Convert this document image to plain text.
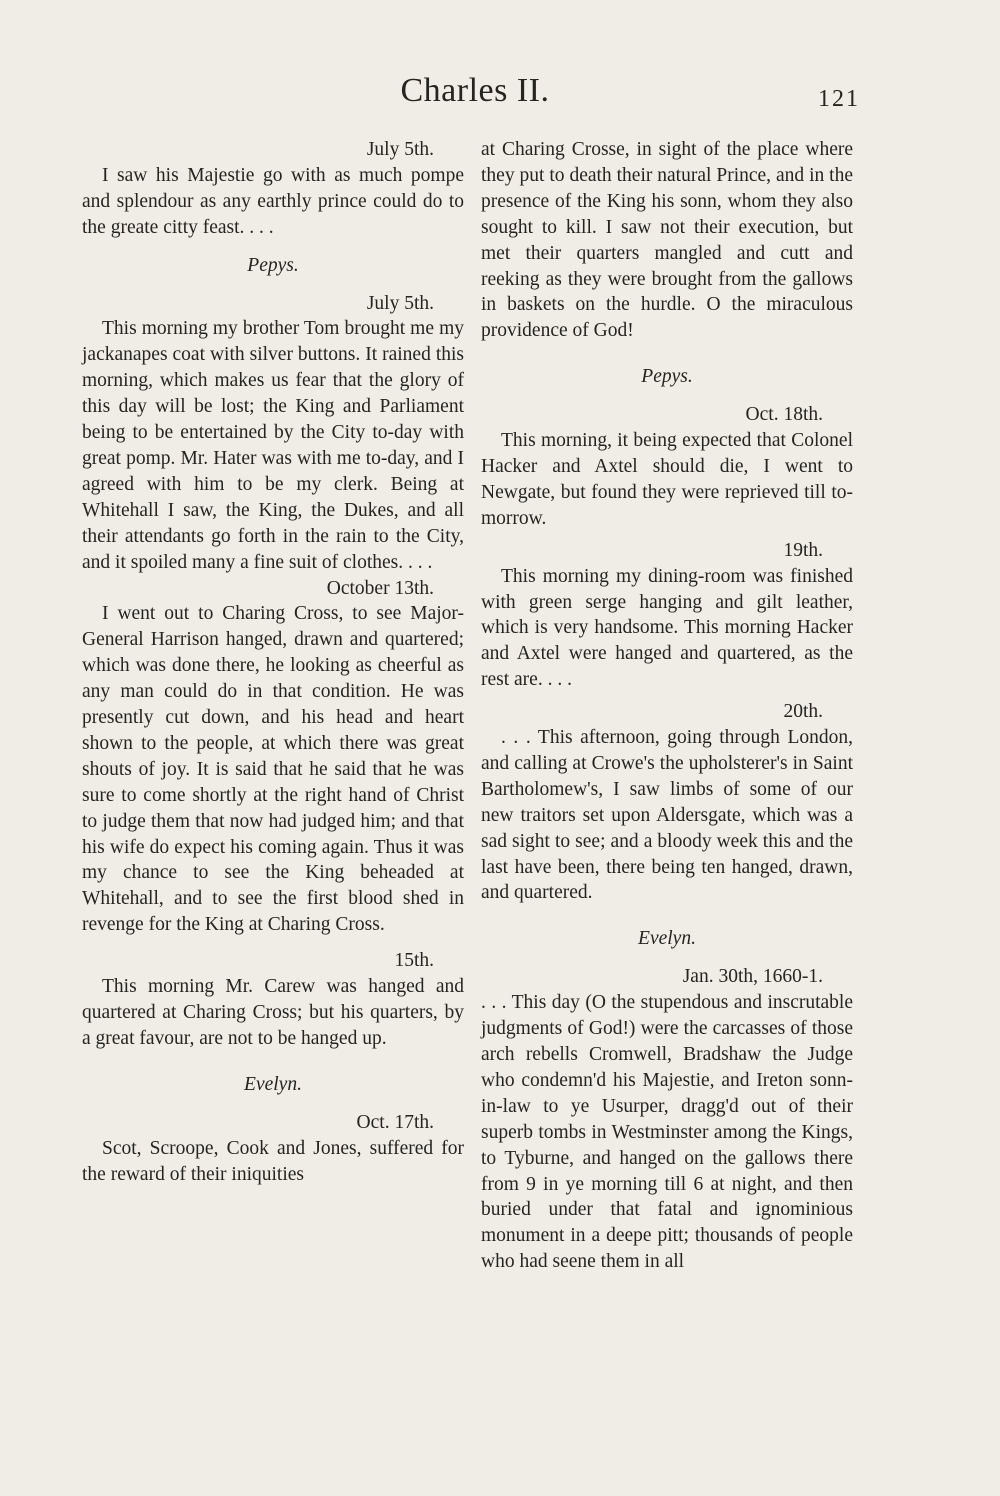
Charles II.	121
July 5th.

I saw his Majestie go with as much pompe and splendour as any earthly prince could do to the greate citty feast. . . .

Pepys.
July 5th.

This morning my brother Tom brought me my jackanapes coat with silver buttons. It rained this morning, which makes us fear that the glory of this day will be lost; the King and Parliament being to be entertained by the City to-day with great pomp. Mr. Hater was with me to-day, and I agreed with him to be my clerk. Being at Whitehall I saw, the King, the Dukes, and all their attendants go forth in the rain to the City, and it spoiled many a fine suit of clothes. . . .

October 13th.

I went out to Charing Cross, to see Major-General Harrison hanged, drawn and quartered; which was done there, he looking as cheerful as any man could do in that condition. He was presently cut down, and his head and heart shown to the people, at which there was great shouts of joy. It is said that he said that he was sure to come shortly at the right hand of Christ to judge them that now had judged him; and that his wife do expect his coming again. Thus it was my chance to see the King beheaded at Whitehall, and to see the first blood shed in revenge for the King at Charing Cross.

15th.

This morning Mr. Carew was hanged and quartered at Charing Cross; but his quarters, by a great favour, are not to be hanged up.

Evelyn.
Oct. 17th.

Scot, Scroope, Cook and Jones, suffered for the reward of their iniquities

at Charing Crosse, in sight of the place where they put to death their natural Prince, and in the presence of the King his sonn, whom they also sought to kill. I saw not their execution, but met their quarters mangled and cutt and reeking as they were brought from the gallows in baskets on the hurdle. O the miraculous providence of God!

Pepys.
Oct. 18th.

This morning, it being expected that Colonel Hacker and Axtel should die, I went to Newgate, but found they were reprieved till to-morrow.

19th.

This morning my dining-room was finished with green serge hanging and gilt leather, which is very handsome. This morning Hacker and Axtel were hanged and quartered, as the rest are. . . .

20th.

. . . This afternoon, going through London, and calling at Crowe's the upholsterer's in Saint Bartholomew's, I saw limbs of some of our new traitors set upon Aldersgate, which was a sad sight to see; and a bloody week this and the last have been, there being ten hanged, drawn, and quartered.

Evelyn.
Jan. 30th, 1660-1.

. . . This day (O the stupendous and inscrutable judgments of God!) were the carcasses of those arch rebells Cromwell, Bradshaw the Judge who condemn'd his Majestie, and Ireton sonn-in-law to ye Usurper, dragg'd out of their superb tombs in Westminster among the Kings, to Tyburne, and hanged on the gallows there from 9 in ye morning till 6 at night, and then buried under that fatal and ignominious monument in a deepe pitt; thousands of people who had seene them in all
